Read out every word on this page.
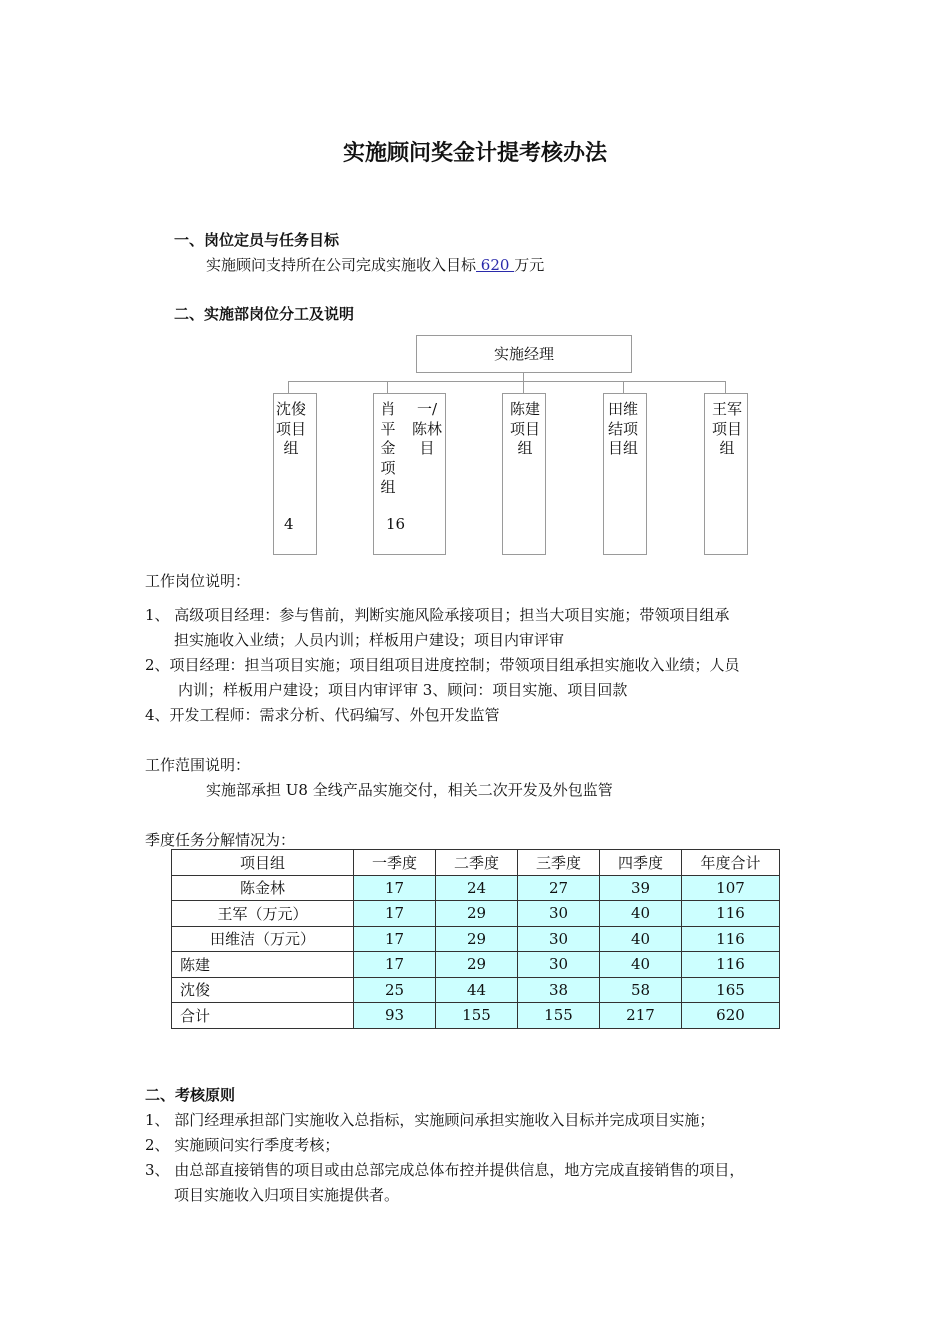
实施顾问奖金计提考核办法
一、岗位定员与任务目标
实施顾问支持所在公司完成实施收入目标 620 万元
二、实施部岗位分工及说明
实施经理
沈俊项目组
4
肖平金项组
一/陈林目
16
陈建项目组
田维结项目组
王军项目组
工作岗位说明：
1、 高级项目经理：参与售前，判断实施风险承接项目；担当大项目实施；带领项目组承
担实施收入业绩；人员内训；样板用户建设；项目内审评审
2、项目经理：担当项目实施；项目组项目进度控制；带领项目组承担实施收入业绩；人员
内训；样板用户建设；项目内审评审 3、顾问：项目实施、项目回款
4、开发工程师：需求分析、代码编写、外包开发监管
工作范围说明：
实施部承担 U8 全线产品实施交付，相关二次开发及外包监管
季度任务分解情况为：
项目组	一季度	二季度	三季度	四季度	年度合计
陈金林	17	24	27	39	107
王军（万元）	17	29	30	40	116
田维洁（万元）	17	29	30	40	116
陈建	17	29	30	40	116
沈俊	25	44	38	58	165
合计	93	155	155	217	620
二、考核原则
1、 部门经理承担部门实施收入总指标，实施顾问承担实施收入目标并完成项目实施；
2、 实施顾问实行季度考核；
3、 由总部直接销售的项目或由总部完成总体布控并提供信息，地方完成直接销售的项目，
项目实施收入归项目实施提供者。
